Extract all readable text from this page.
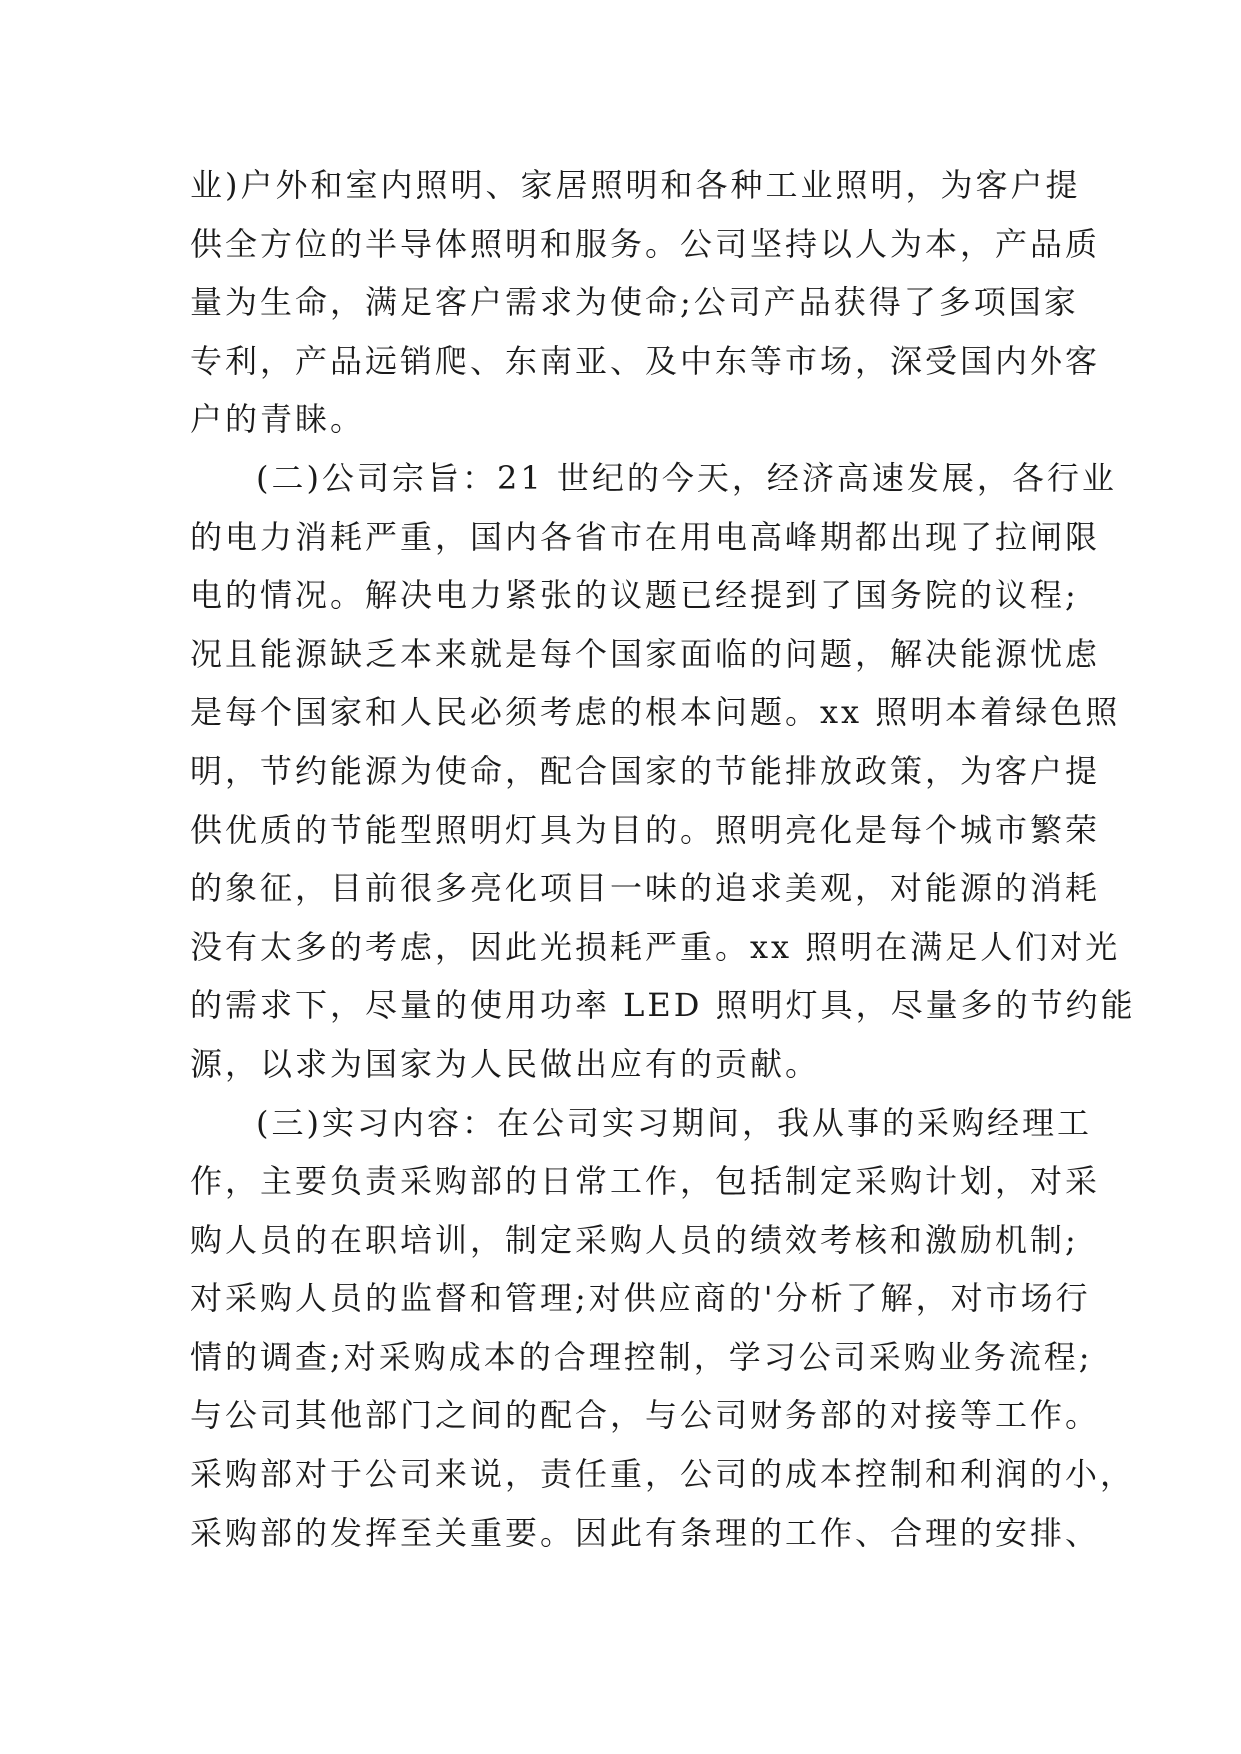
业)户外和室内照明、家居照明和各种工业照明，为客户提
供全方位的半导体照明和服务。公司坚持以人为本，产品质
量为生命，满足客户需求为使命;公司产品获得了多项国家
专利，产品远销爬、东南亚、及中东等市场，深受国内外客
户的青睐。
(二)公司宗旨：21 世纪的今天，经济高速发展，各行业
的电力消耗严重，国内各省市在用电高峰期都出现了拉闸限
电的情况。解决电力紧张的议题已经提到了国务院的议程;
况且能源缺乏本来就是每个国家面临的问题，解决能源忧虑
是每个国家和人民必须考虑的根本问题。xx 照明本着绿色照
明，节约能源为使命，配合国家的节能排放政策，为客户提
供优质的节能型照明灯具为目的。照明亮化是每个城市繁荣
的象征，目前很多亮化项目一味的追求美观，对能源的消耗
没有太多的考虑，因此光损耗严重。xx 照明在满足人们对光
的需求下，尽量的使用功率 LED 照明灯具，尽量多的节约能
源，以求为国家为人民做出应有的贡献。
(三)实习内容：在公司实习期间，我从事的采购经理工
作，主要负责采购部的日常工作，包括制定采购计划，对采
购人员的在职培训，制定采购人员的绩效考核和激励机制;
对采购人员的监督和管理;对供应商的'分析了解，对市场行
情的调查;对采购成本的合理控制，学习公司采购业务流程;
与公司其他部门之间的配合，与公司财务部的对接等工作。
采购部对于公司来说，责任重，公司的成本控制和利润的小，
采购部的发挥至关重要。因此有条理的工作、合理的安排、
